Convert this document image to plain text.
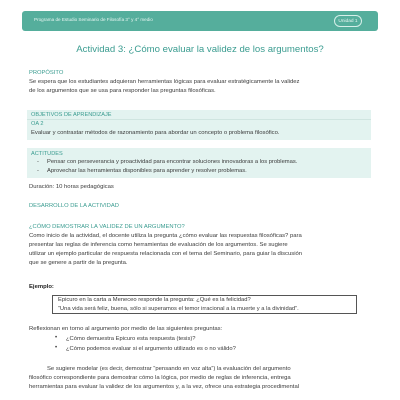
Programa de Estudio Seminario de Filosofía 3° y 4° medio	Unidad 1
Actividad 3: ¿Cómo evaluar la validez de los argumentos?
PROPÓSITO
Se espera que los estudiantes adquieran herramientas lógicas para evaluar estratégicamente la validez
de los argumentos que se usa para responder las preguntas filosóficas.
OBJETIVOS DE APRENDIZAJE
OA 2
Evaluar y contrastar métodos de razonamiento para abordar un concepto o problema filosófico.
ACTITUDES
- Pensar con perseverancia y proactividad para encontrar soluciones innovadoras a los problemas.
- Aprovechar las herramientas disponibles para aprender y resolver problemas.
Duración: 10 horas pedagógicas
DESARROLLO DE LA ACTIVIDAD
¿CÓMO DEMOSTRAR LA VALIDEZ DE UN ARGUMENTO?
Como inicio de la actividad, el docente utiliza la pregunta ¿cómo evaluar las respuestas filosóficas? para
presentar las reglas de inferencia como herramientas de evaluación de los argumentos. Se sugiere
utilizar un ejemplo particular de respuesta relacionada con el tema del Seminario, para guiar la discusión
que se genere a partir de la pregunta.
Ejemplo:
Epicuro en la carta a Meneceo responde la pregunta: ¿Qué es la felicidad?
“Una vida será feliz, buena, sólo si superamos el temor irracional a la muerte y a la divinidad”.
Reflexionan en torno al argumento por medio de las siguientes preguntas:
• ¿Cómo demuestra Epicuro esta respuesta (tesis)?
• ¿Cómo podemos evaluar si el argumento utilizado es o no válido?
Se sugiere modelar (es decir, demostrar “pensando en voz alta”) la evaluación del argumento
filosófico correspondiente para demostrar cómo la lógica, por medio de reglas de inferencia, entrega
herramientas para evaluar la validez de los argumentos y, a la vez, ofrece una estrategia procedimental
